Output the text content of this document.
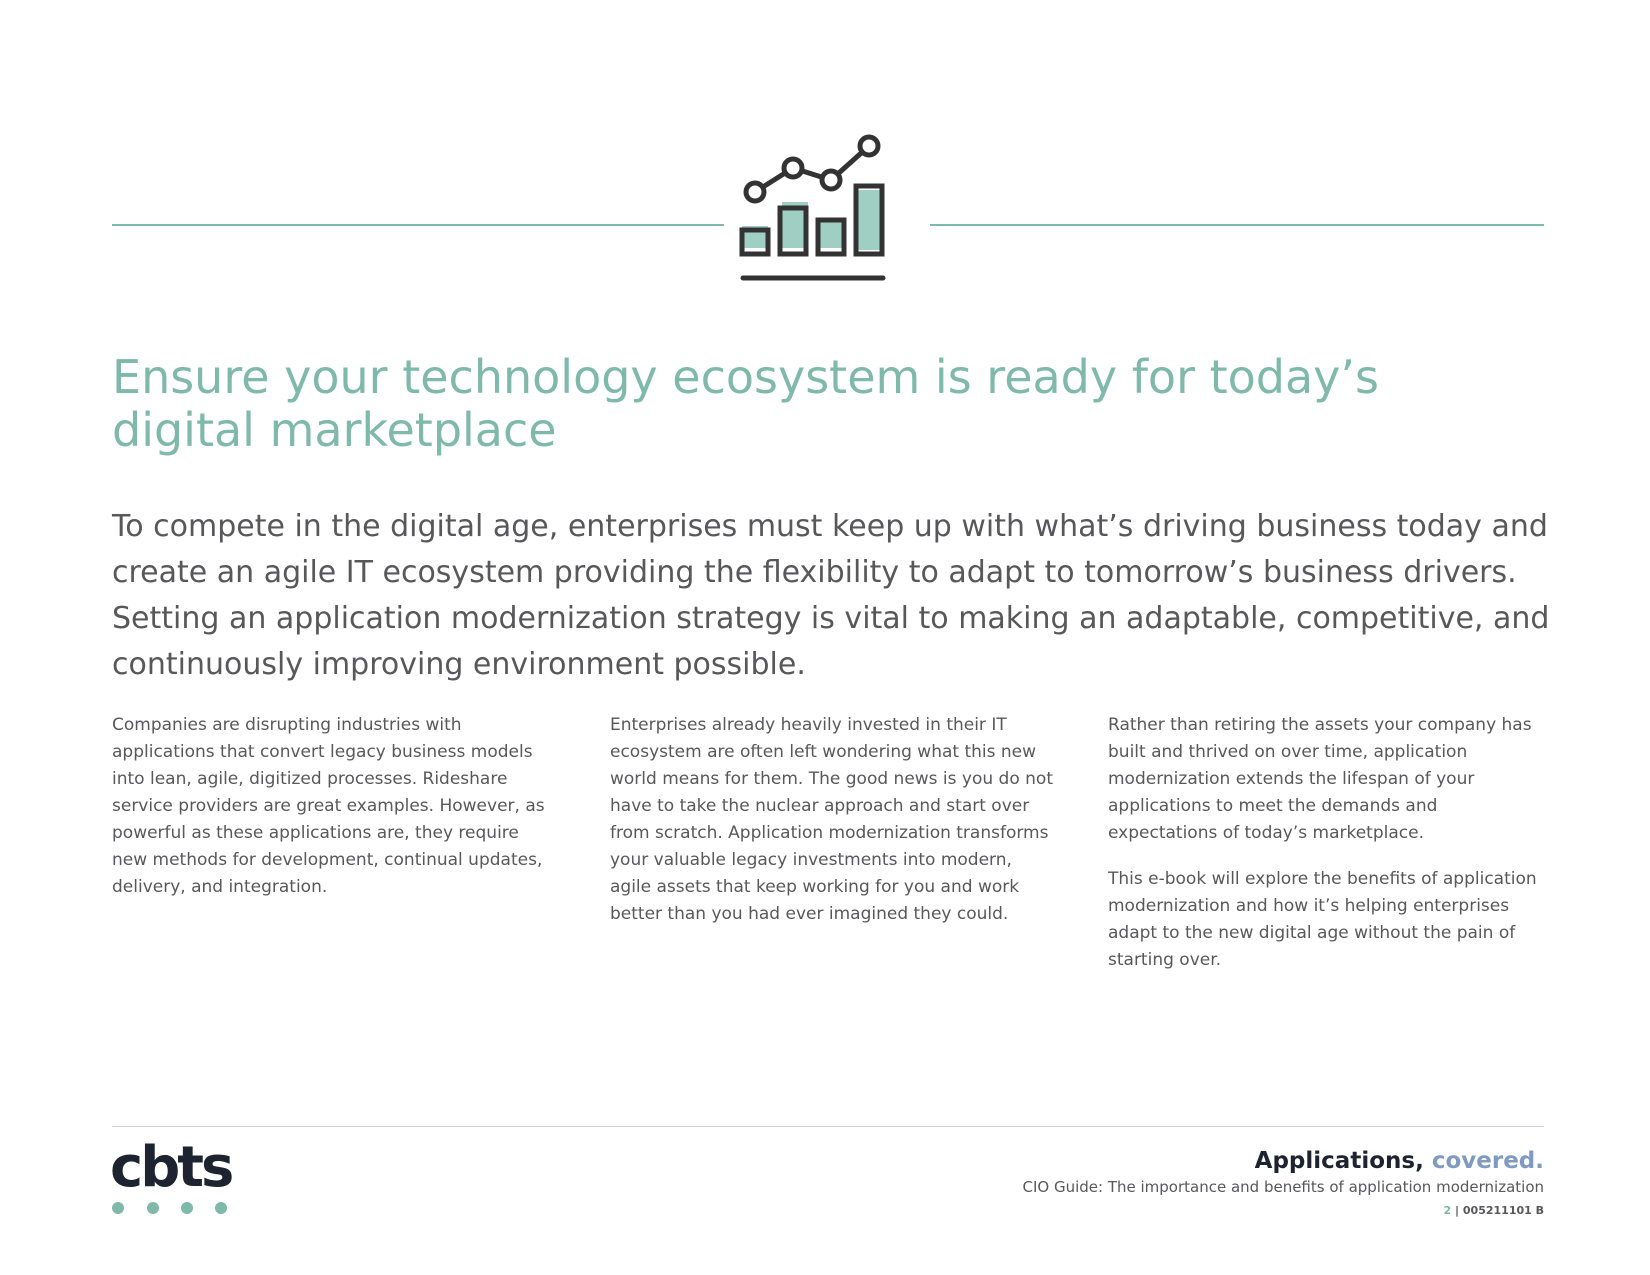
Ensure your technology ecosystem is ready for today’s
digital marketplace

To compete in the digital age, enterprises must keep up with what’s driving business today and create an agile IT ecosystem providing the flexibility to adapt to tomorrow’s business drivers. Setting an application modernization strategy is vital to making an adaptable, competitive, and continuously improving environment possible.

Companies are disrupting industries with applications that convert legacy business models into lean, agile, digitized processes. Rideshare service providers are great examples. However, as powerful as these applications are, they require new methods for development, continual updates, delivery, and integration.

Enterprises already heavily invested in their IT ecosystem are often left wondering what this new world means for them. The good news is you do not have to take the nuclear approach and start over from scratch. Application modernization transforms your valuable legacy investments into modern, agile assets that keep working for you and work better than you had ever imagined they could.

Rather than retiring the assets your company has built and thrived on over time, application modernization extends the lifespan of your applications to meet the demands and expectations of today’s marketplace.

This e-book will explore the benefits of application modernization and how it’s helping enterprises adapt to the new digital age without the pain of starting over.

cbts	Applications, covered.

CIO Guide: The importance and benefits of application modernization
2 | 005211101 B
